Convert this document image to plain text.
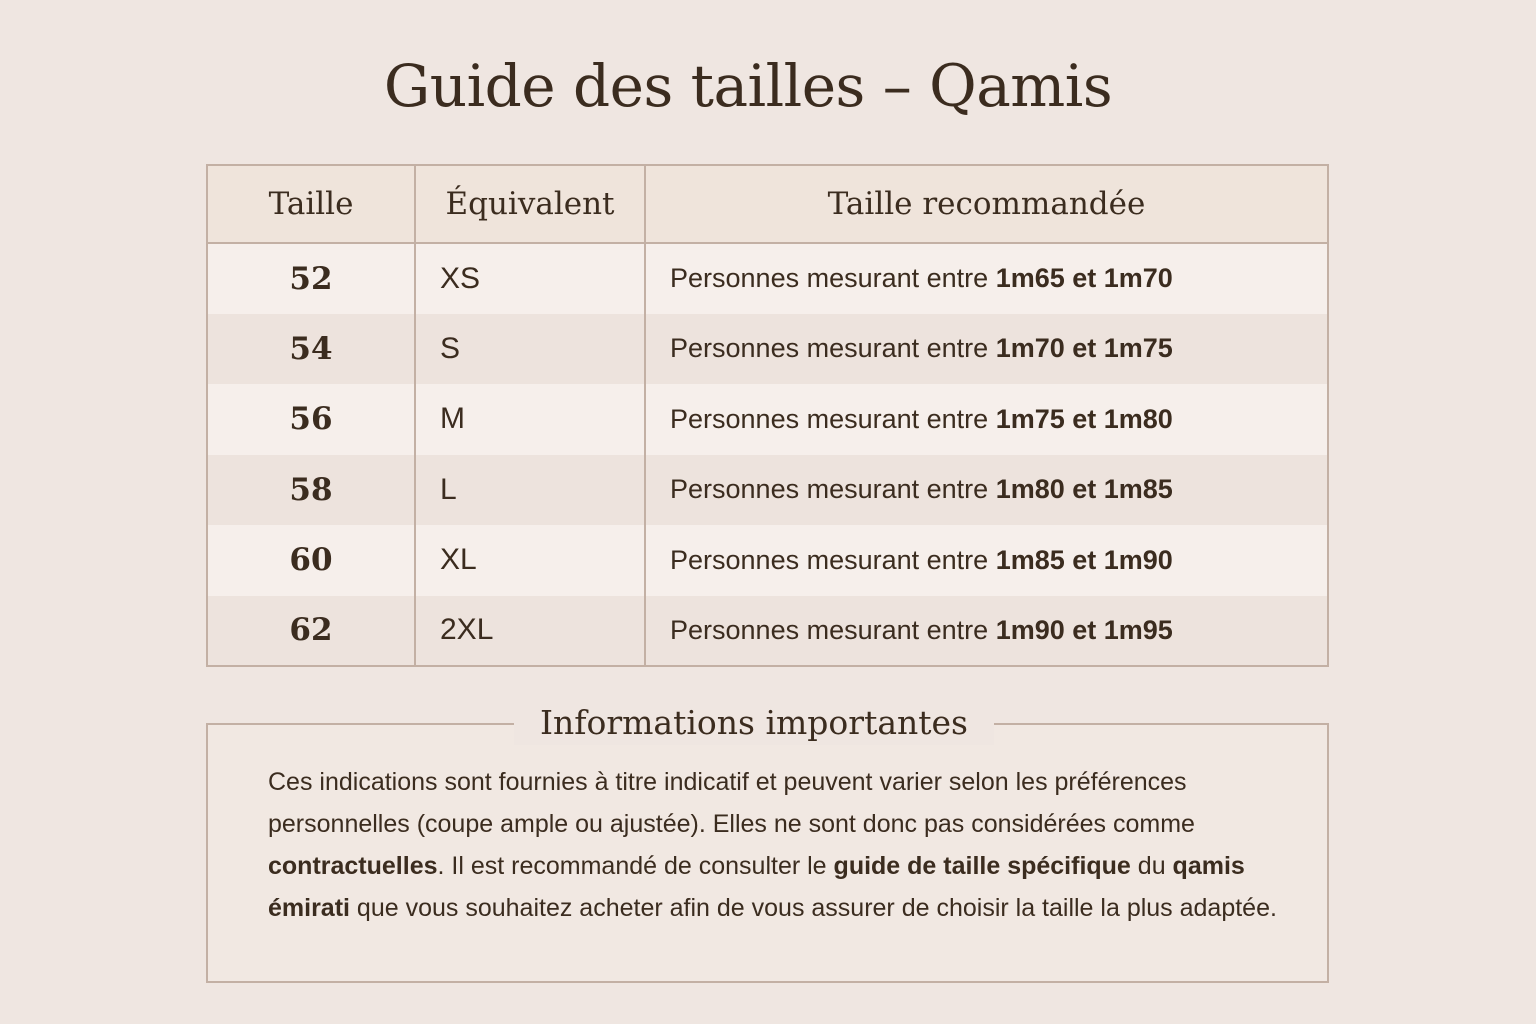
Guide des tailles – Qamis
Taille	Équivalent	Taille recommandée
52	XS	Personnes mesurant entre 1m65 et 1m70
54	S	Personnes mesurant entre 1m70 et 1m75
56	M	Personnes mesurant entre 1m75 et 1m80
58	L	Personnes mesurant entre 1m80 et 1m85
60	XL	Personnes mesurant entre 1m85 et 1m90
62	2XL	Personnes mesurant entre 1m90 et 1m95
Informations importantes

Ces indications sont fournies à titre indicatif et peuvent varier selon les préférences personnelles (coupe ample ou ajustée). Elles ne sont donc pas considérées comme contractuelles. Il est recommandé de consulter le guide de taille spécifique du qamis émirati que vous souhaitez acheter afin de vous assurer de choisir la taille la plus adaptée.
